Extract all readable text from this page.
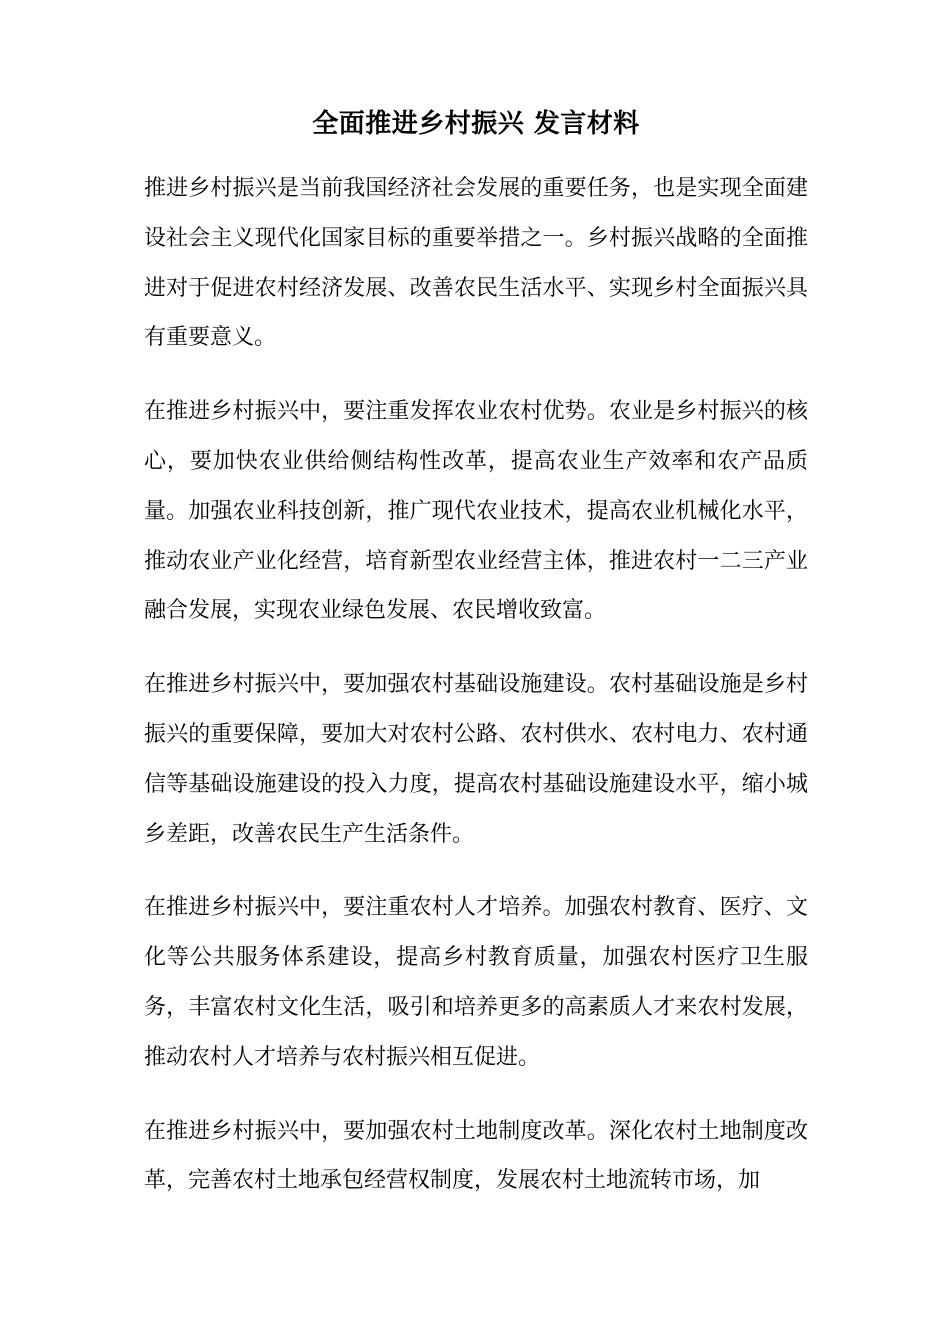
全面推进乡村振兴 发言材料

推进乡村振兴是当前我国经济社会发展的重要任务，也是实现全面建设社会主义现代化国家目标的重要举措之一。乡村振兴战略的全面推进对于促进农村经济发展、改善农民生活水平、实现乡村全面振兴具有重要意义。

在推进乡村振兴中，要注重发挥农业农村优势。农业是乡村振兴的核心，要加快农业供给侧结构性改革，提高农业生产效率和农产品质量。加强农业科技创新，推广现代农业技术，提高农业机械化水平，推动农业产业化经营，培育新型农业经营主体，推进农村一二三产业融合发展，实现农业绿色发展、农民增收致富。

在推进乡村振兴中，要加强农村基础设施建设。农村基础设施是乡村振兴的重要保障，要加大对农村公路、农村供水、农村电力、农村通信等基础设施建设的投入力度，提高农村基础设施建设水平，缩小城乡差距，改善农民生产生活条件。

在推进乡村振兴中，要注重农村人才培养。加强农村教育、医疗、文化等公共服务体系建设，提高乡村教育质量，加强农村医疗卫生服务，丰富农村文化生活，吸引和培养更多的高素质人才来农村发展，推动农村人才培养与农村振兴相互促进。

在推进乡村振兴中，要加强农村土地制度改革。深化农村土地制度改革，完善农村土地承包经营权制度，发展农村土地流转市场，加
